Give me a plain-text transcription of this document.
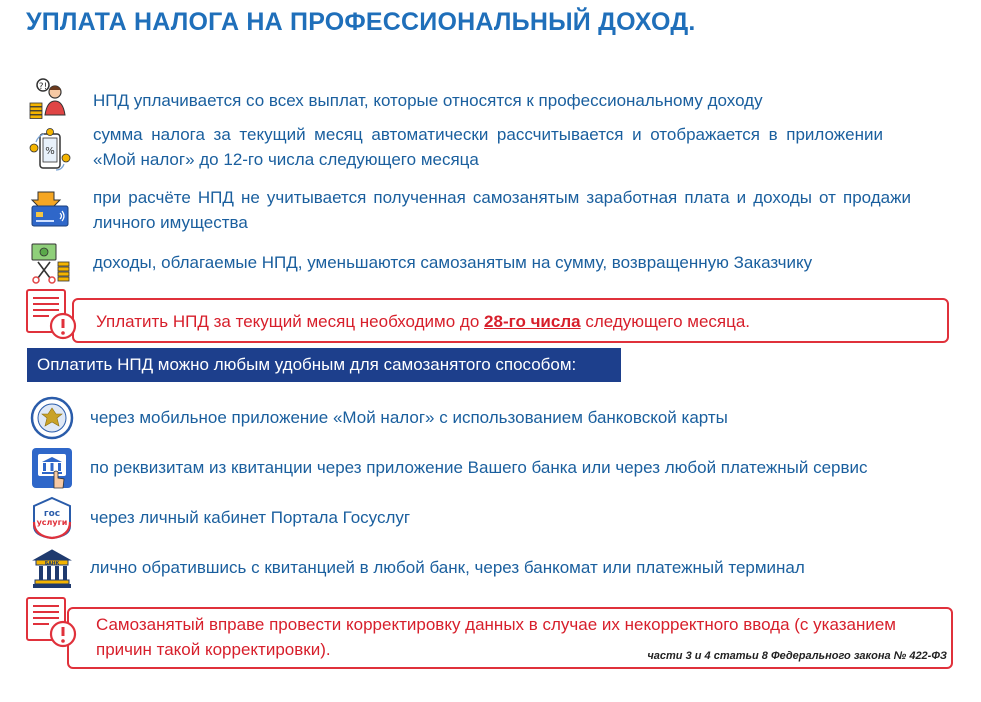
УПЛАТА НАЛОГА НА ПРОФЕССИОНАЛЬНЫЙ ДОХОД.
?!
НПД уплачивается со всех выплат, которые относятся к профессиональному доходу
%
сумма налога за текущий месяц автоматически рассчитывается и отображается в приложении «Мой налог» до 12-го числа следующего месяца
при расчёте НПД не учитывается полученная самозанятым заработная плата и доходы от продажи личного имущества
доходы, облагаемые НПД, уменьшаются самозанятым на сумму, возвращенную Заказчику
Уплатить НПД за текущий месяц необходимо до 28-го числа следующего месяца.
Оплатить НПД можно любым удобным для самозанятого способом:
через мобильное приложение «Мой налог» с использованием банковской карты
по реквизитам из квитанции через приложение Вашего банка или через любой платежный сервис
гос
услуги через личный кабинет Портала Госуслуг
БАНК лично обратившись с квитанцией в любой банк, через банкомат или платежный терминал
Самозанятый вправе провести корректировку данных в случае их некорректного ввода (с указанием причин такой корректировки).	части 3 и 4 статьи 8 Федерального закона № 422-ФЗ
